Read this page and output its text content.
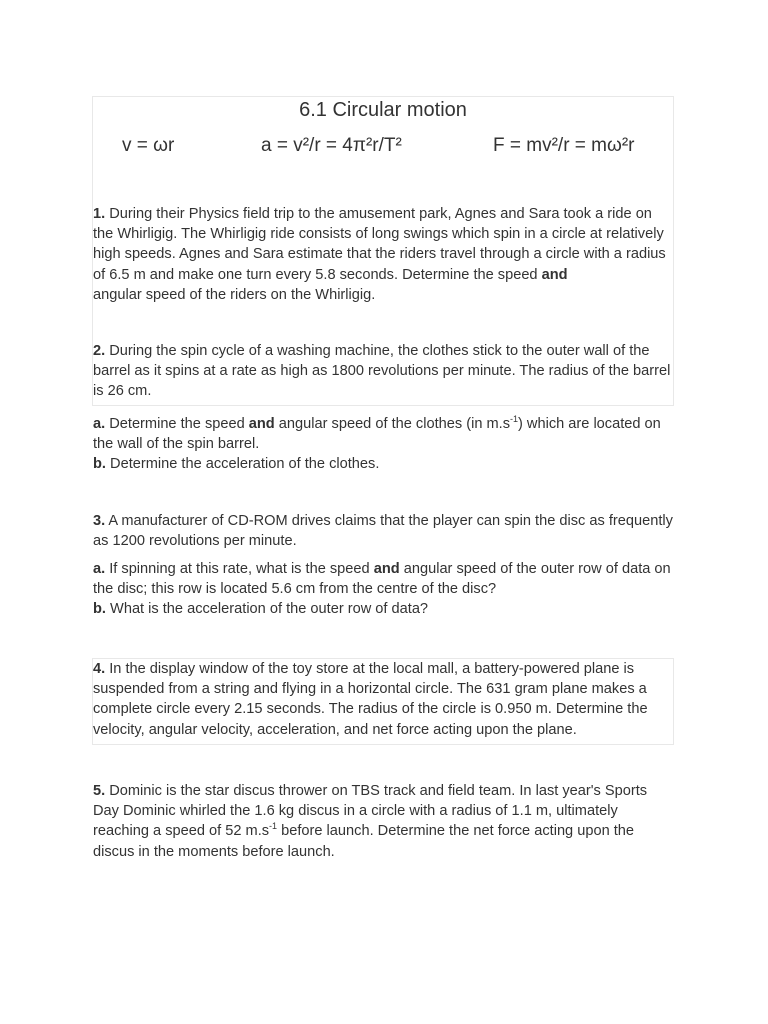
6.1 Circular motion
v = ωr	a = v²/r = 4π²r/T²	F = mv²/r = mω²r
1. During their Physics field trip to the amusement park, Agnes and Sara took a ride on the Whirligig. The Whirligig ride consists of long swings which spin in a circle at relatively high speeds. Agnes and Sara estimate that the riders travel through a circle with a radius of 6.5 m and make one turn every 5.8 seconds. Determine the speed and
angular speed of the riders on the Whirligig.
2. During the spin cycle of a washing machine, the clothes stick to the outer wall of the barrel as it spins at a rate as high as 1800 revolutions per minute. The radius of the barrel is 26 cm.
a. Determine the speed and angular speed of the clothes (in $m.s^{-1}$) which are located on the wall of the spin barrel.
b. Determine the acceleration of the clothes.
3. A manufacturer of CD-ROM drives claims that the player can spin the disc as frequently as 1200 revolutions per minute.
a. If spinning at this rate, what is the speed and angular speed of the outer row of data on the disc; this row is located 5.6 cm from the centre of the disc?
b. What is the acceleration of the outer row of data?
4. In the display window of the toy store at the local mall, a battery-powered plane is suspended from a string and flying in a horizontal circle. The 631 gram plane makes a complete circle every 2.15 seconds. The radius of the circle is 0.950 m. Determine the velocity, angular velocity, acceleration, and net force acting upon the plane.
5. Dominic is the star discus thrower on TBS track and field team. In last year's Sports Day Dominic whirled the 1.6 kg discus in a circle with a radius of 1.1 m, ultimately reaching a speed of 52 $m.s^{-1}$ before launch. Determine the net force acting upon the discus in the moments before launch.
